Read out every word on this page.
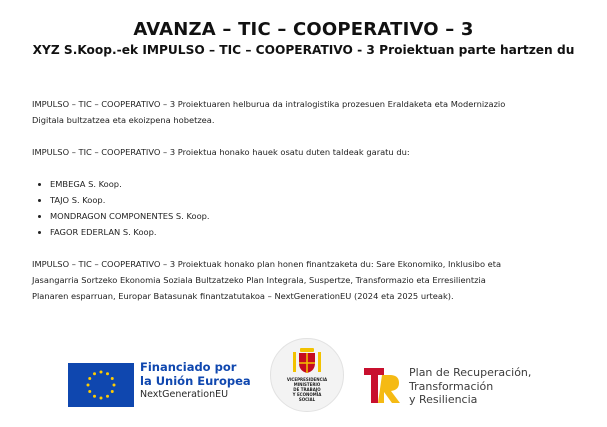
AVANZA – TIC – COOPERATIVO – 3
XYZ S.Koop.-ek IMPULSO – TIC – COOPERATIVO - 3 Proiektuan parte hartzen du

IMPULSO – TIC – COOPERATIVO – 3 Proiektuaren helburua da intralogistika prozesuen Eraldaketa eta Modernizazio

Digitala bultzatzea eta ekoizpena hobetzea.

IMPULSO – TIC – COOPERATIVO – 3 Proiektua honako hauek osatu duten taldeak garatu du:

• EMBEGA S. Koop.
• TAJO S. Koop.
• MONDRAGON COMPONENTES S. Koop.
• FAGOR EDERLAN S. Koop.

IMPULSO – TIC – COOPERATIVO – 3 Proiektuak honako plan honen finantzaketa du: Sare Ekonomiko, Inklusibo eta

Jasangarria Sortzeko Ekonomia Soziala Bultzatzeko Plan Integrala, Suspertze, Transformazio eta Erresilientzia

Planaren esparruan, Europar Batasunak finantzatutakoa – NextGenerationEU (2024 eta 2025 urteak).

Financiado por
la Unión Europea
NextGenerationEU
VICEPRESIDENCIA
MINISTERIO
DE TRABAJO
Y ECONOMÍA
SOCIAL
Plan de Recuperación,
Transformación
y Resiliencia
